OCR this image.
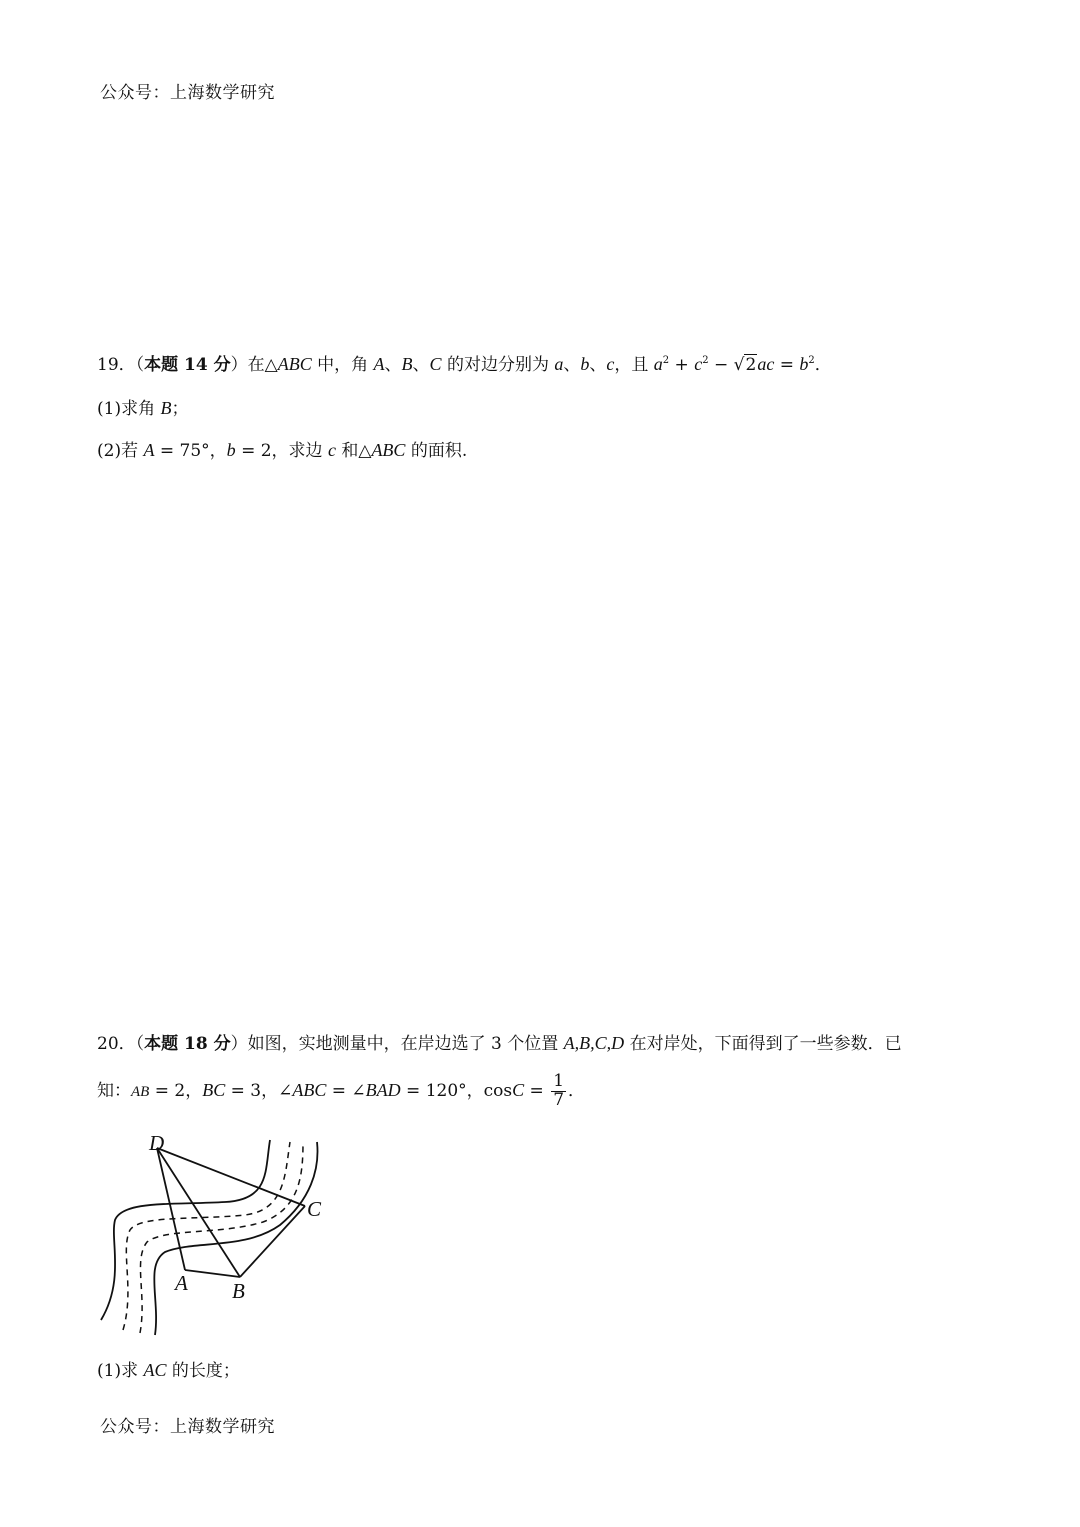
公众号：上海数学研究
19．（本题 14 分）在△ABC 中，角 A、B、C 的对边分别为 a、b、c，且 $a^2 + c^2 - √2ac = b^2$．
(1)求角 B；
(2)若 A = 75°，b = 2，求边 c 和△ABC 的面积.
20．（本题 18 分）如图，实地测量中，在岸边选了 3 个位置 A,B,C,D 在对岸处，下面得到了一些参数．已
知：AB = 2，BC = 3，∠ABC = ∠BAD = 120°，$\cos C = \frac{1}{7}$ ．
D
C
A B
(1)求 AC 的长度；
公众号：上海数学研究
